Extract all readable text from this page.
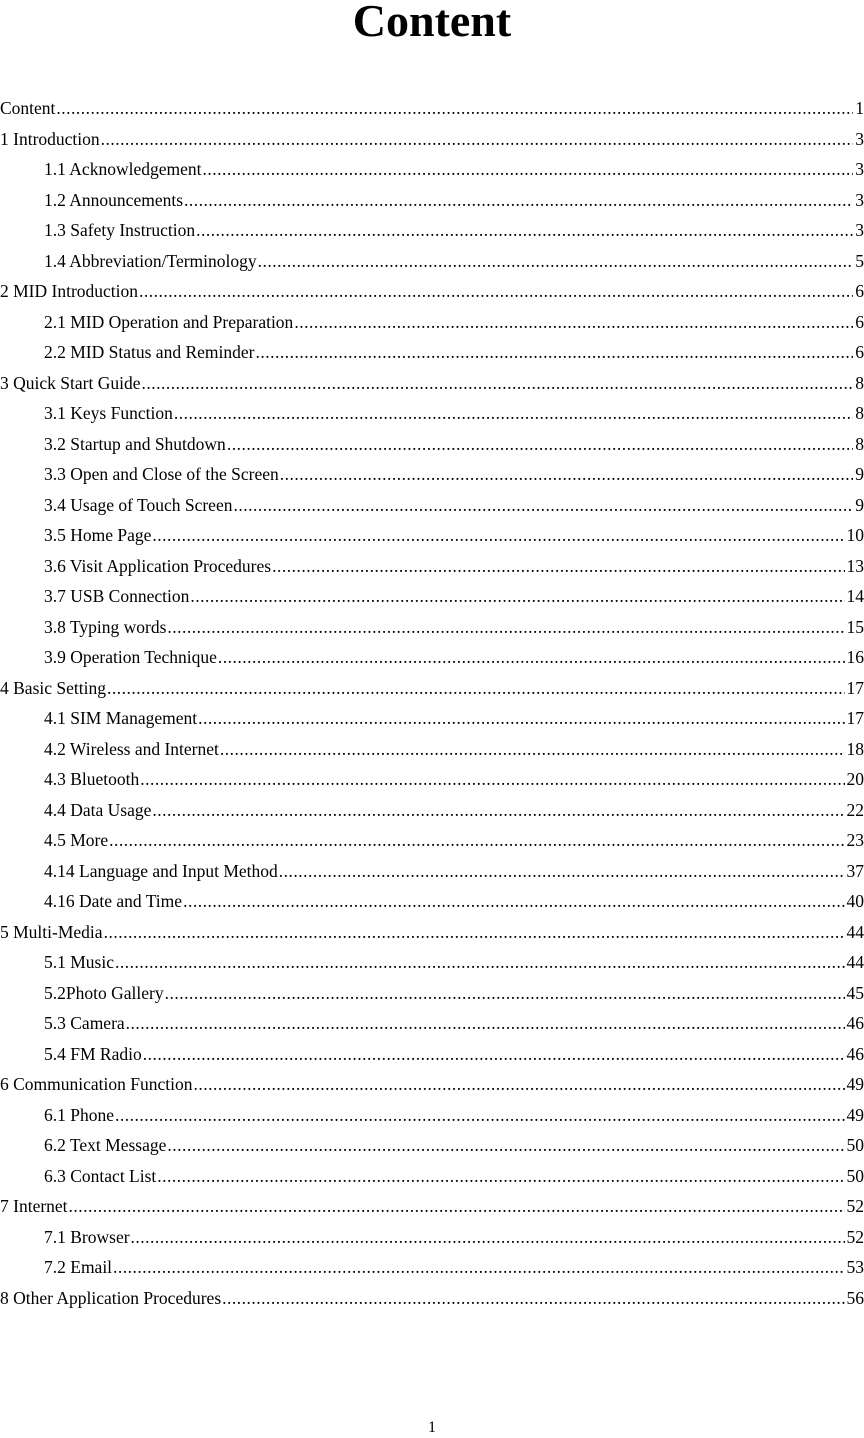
Content
Content .....	1
1 Introduction .....	3
1.1 Acknowledgement .....	3
1.2 Announcements .....	3
1.3 Safety Instruction .....	3
1.4 Abbreviation/Terminology .....	5
2 MID Introduction .....	6
2.1 MID Operation and Preparation .....	6
2.2 MID Status and Reminder .....	6
3 Quick Start Guide .....	8
3.1 Keys Function .....	8
3.2 Startup and Shutdown .....	8
3.3 Open and Close of the Screen .....	9
3.4 Usage of Touch Screen .....	9
3.5 Home Page .....	10
3.6 Visit Application Procedures .....	13
3.7 USB Connection .....	14
3.8 Typing words .....	15
3.9 Operation Technique .....	16
4 Basic Setting .....	17
4.1 SIM Management .....	17
4.2 Wireless and Internet .....	18
4.3 Bluetooth .....	20
4.4 Data Usage .....	22
4.5 More .....	23
4.14 Language and Input Method .....	37
4.16 Date and Time .....	40
5 Multi-Media .....	44
5.1 Music .....	44
5.2Photo Gallery .....	45
5.3 Camera .....	46
5.4 FM Radio .....	46
6 Communication Function .....	49
6.1 Phone .....	49
6.2 Text Message .....	50
6.3 Contact List .....	50
7 Internet .....	52
7.1 Browser .....	52
7.2 Email .....	53
8 Other Application Procedures .....	56
1
